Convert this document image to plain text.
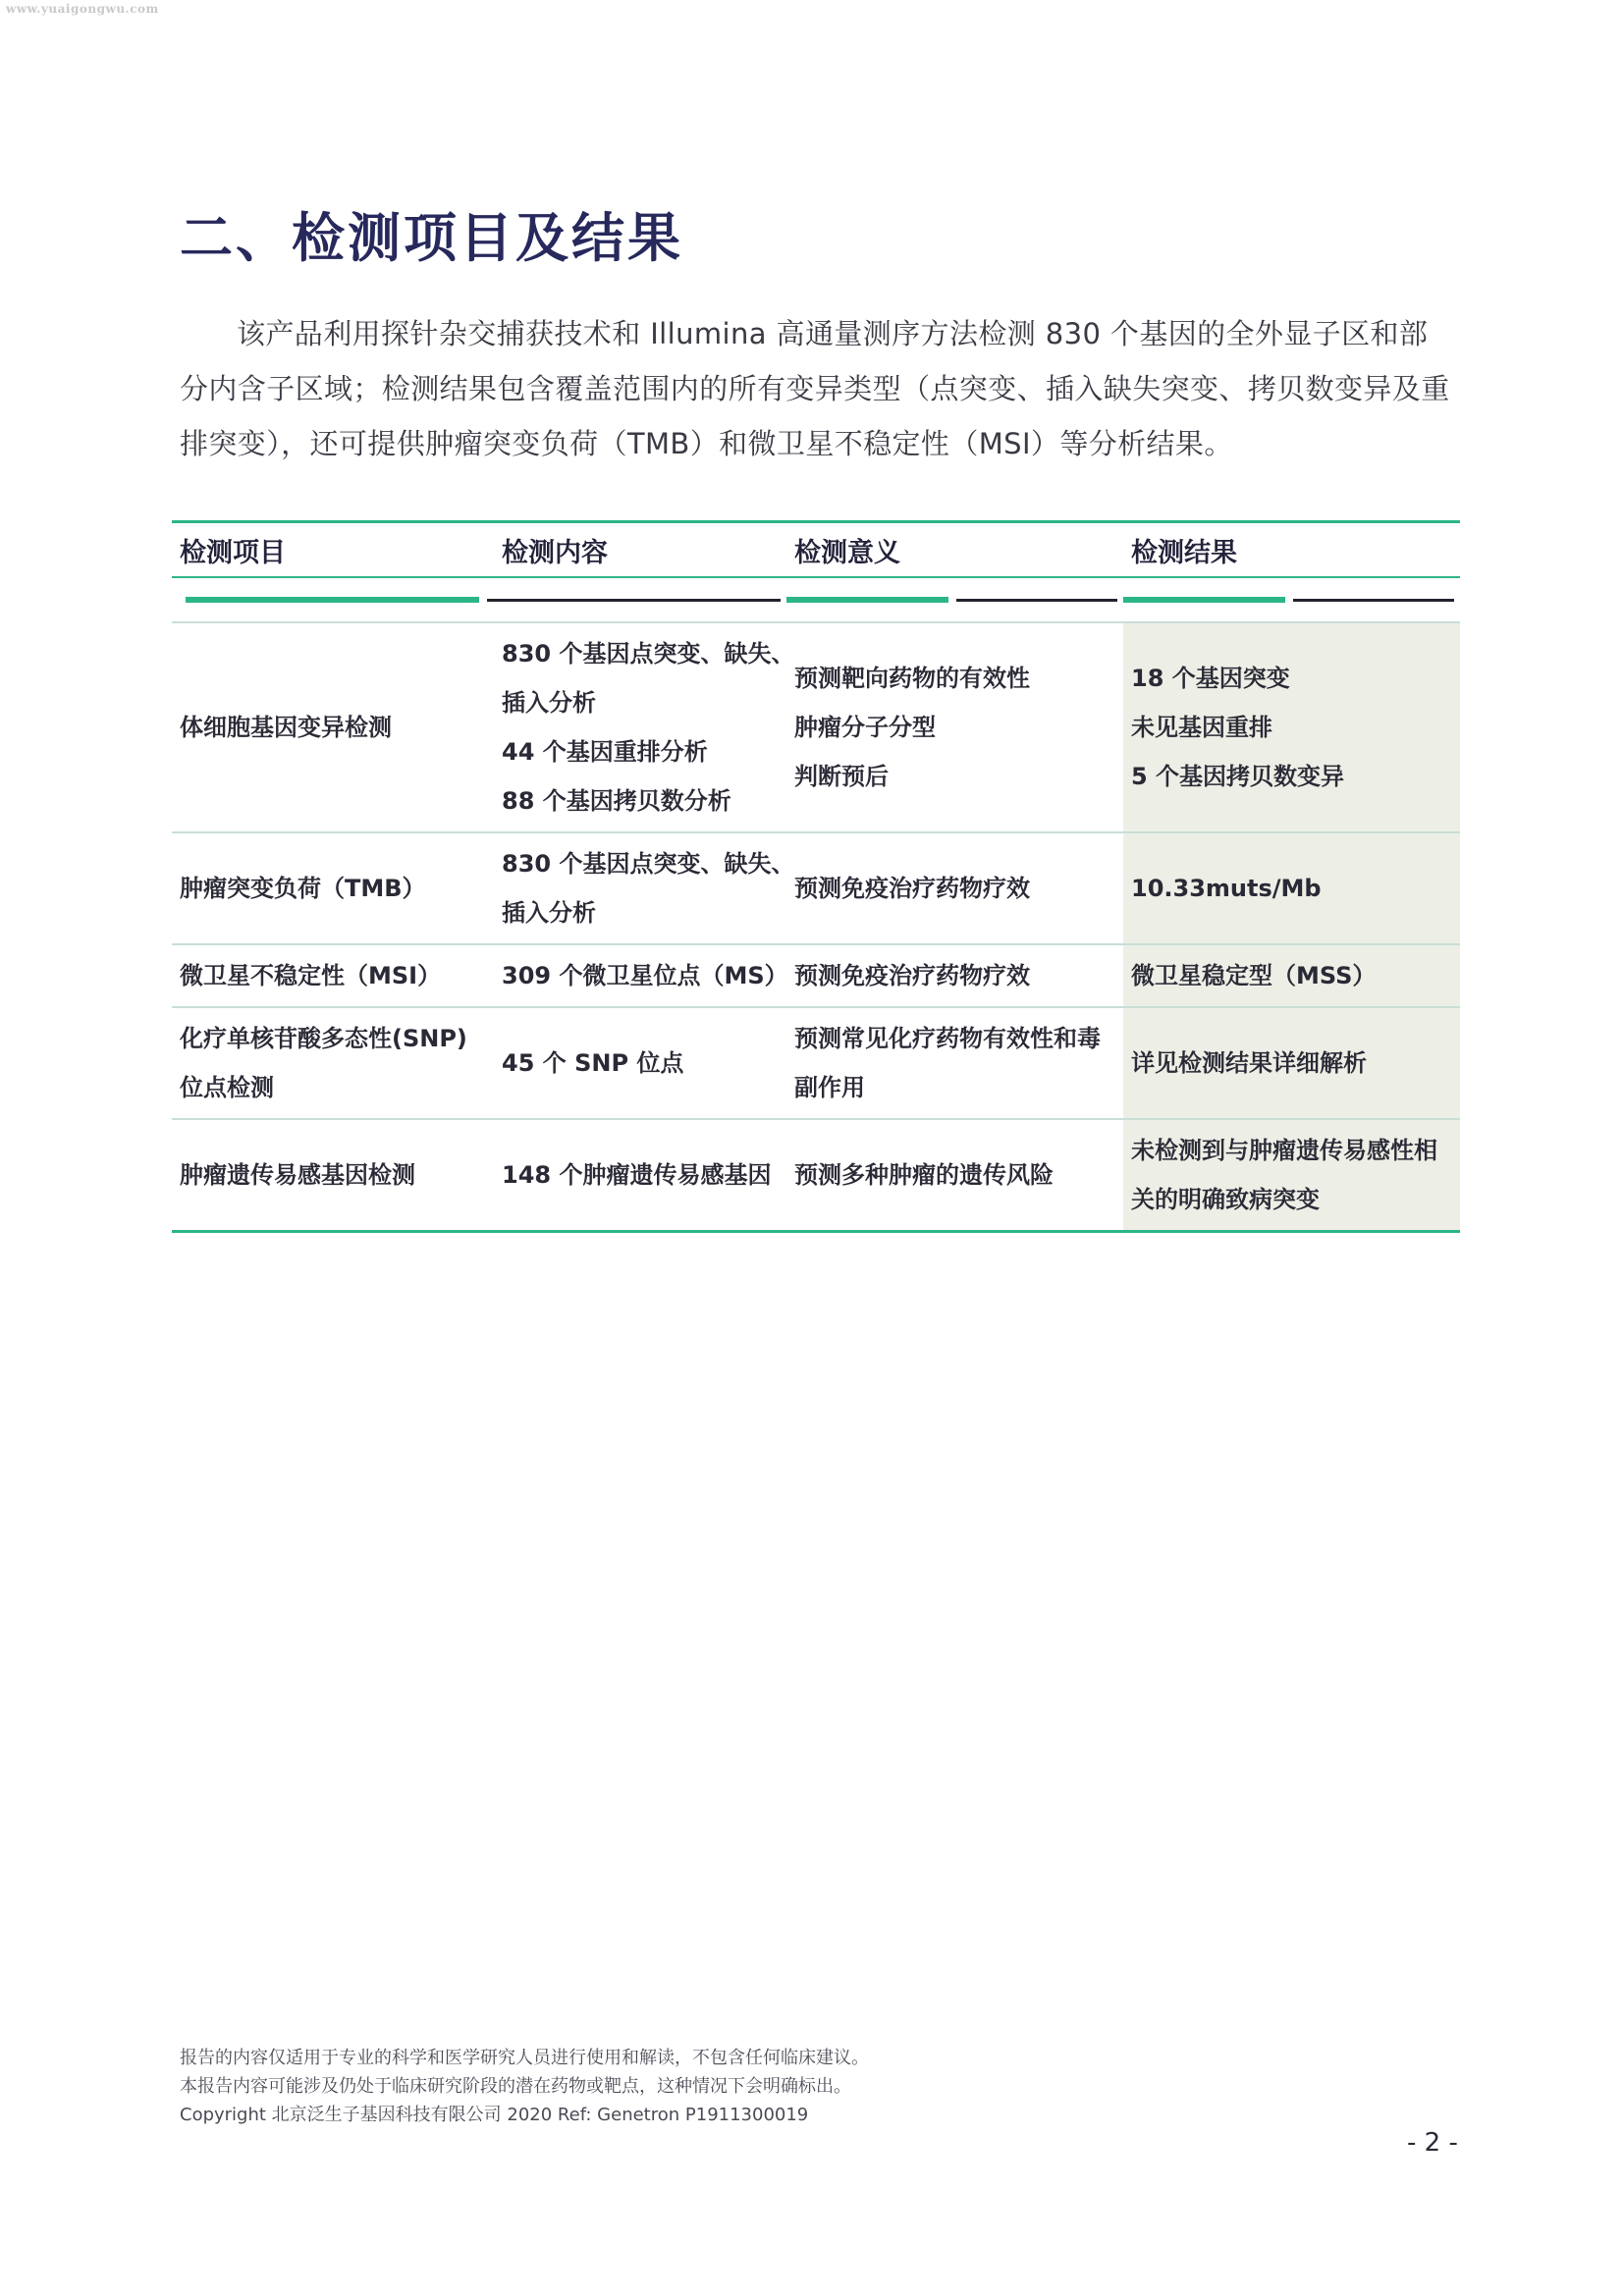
www.yuaigongwu.com
二、检测项目及结果

该产品利用探针杂交捕获技术和 Illumina 高通量测序方法检测 830 个基因的全外显子区和部分内含子区域；检测结果包含覆盖范围内的所有变异类型（点突变、插入缺失突变、拷贝数变异及重排突变），还可提供肿瘤突变负荷（TMB）和微卫星不稳定性（MSI）等分析结果。

检测项目	检测内容	检测意义	检测结果

体细胞基因变异检测	830 个基因点突变、缺失、
插入分析
44 个基因重排分析
88 个基因拷贝数分析	预测靶向药物的有效性
肿瘤分子分型
判断预后	18 个基因突变
未见基因重排
5 个基因拷贝数变异

肿瘤突变负荷（TMB）	830 个基因点突变、缺失、
插入分析	预测免疫治疗药物疗效	10.33muts/Mb

微卫星不稳定性（MSI）	309 个微卫星位点（MS）	预测免疫治疗药物疗效	微卫星稳定型（MSS）

化疗单核苷酸多态性(SNP)
位点检测	45 个 SNP 位点	预测常见化疗药物有效性和毒
副作用	详见检测结果详细解析

肿瘤遗传易感基因检测	148 个肿瘤遗传易感基因	预测多种肿瘤的遗传风险	未检测到与肿瘤遗传易感性相
关的明确致病突变
报告的内容仅适用于专业的科学和医学研究人员进行使用和解读，不包含任何临床建议。
本报告内容可能涉及仍处于临床研究阶段的潜在药物或靶点，这种情况下会明确标出。
Copyright 北京泛生子基因科技有限公司 2020 Ref: Genetron P1911300019
- 2 -
